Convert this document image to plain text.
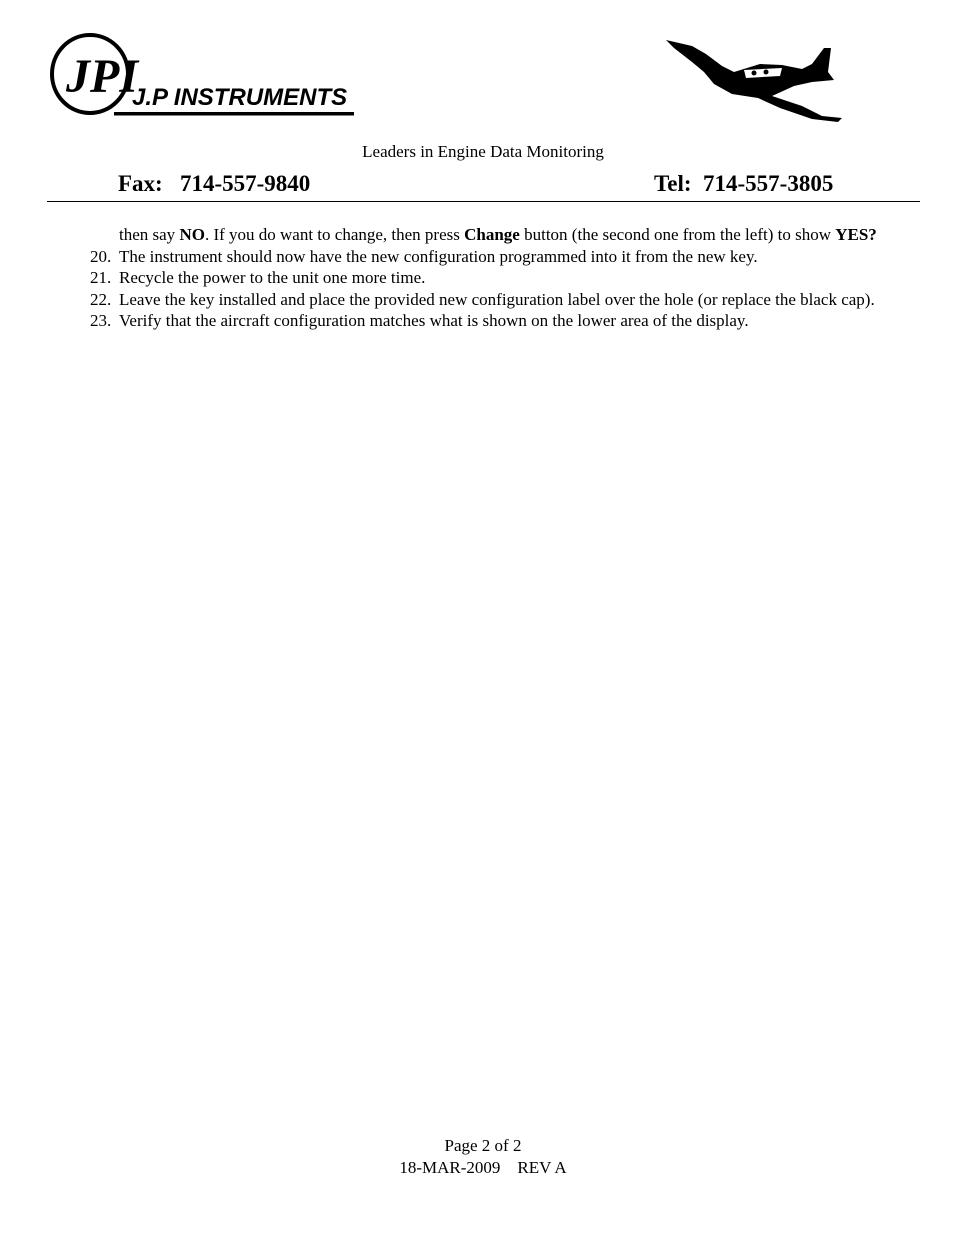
JPI
J.P INSTRUMENTS
Leaders in Engine Data Monitoring
Fax: 714-557-9840	Tel: 714-557-3805
then say NO. If you do want to change, then press Change button (the second one from the left) to show YES?
20. The instrument should now have the new configuration programmed into it from the new key.
21. Recycle the power to the unit one more time.
22. Leave the key installed and place the provided new configuration label over the hole (or replace the black cap).
23. Verify that the aircraft configuration matches what is shown on the lower area of the display.
Page 2 of 2
18-MAR-2009    REV A
